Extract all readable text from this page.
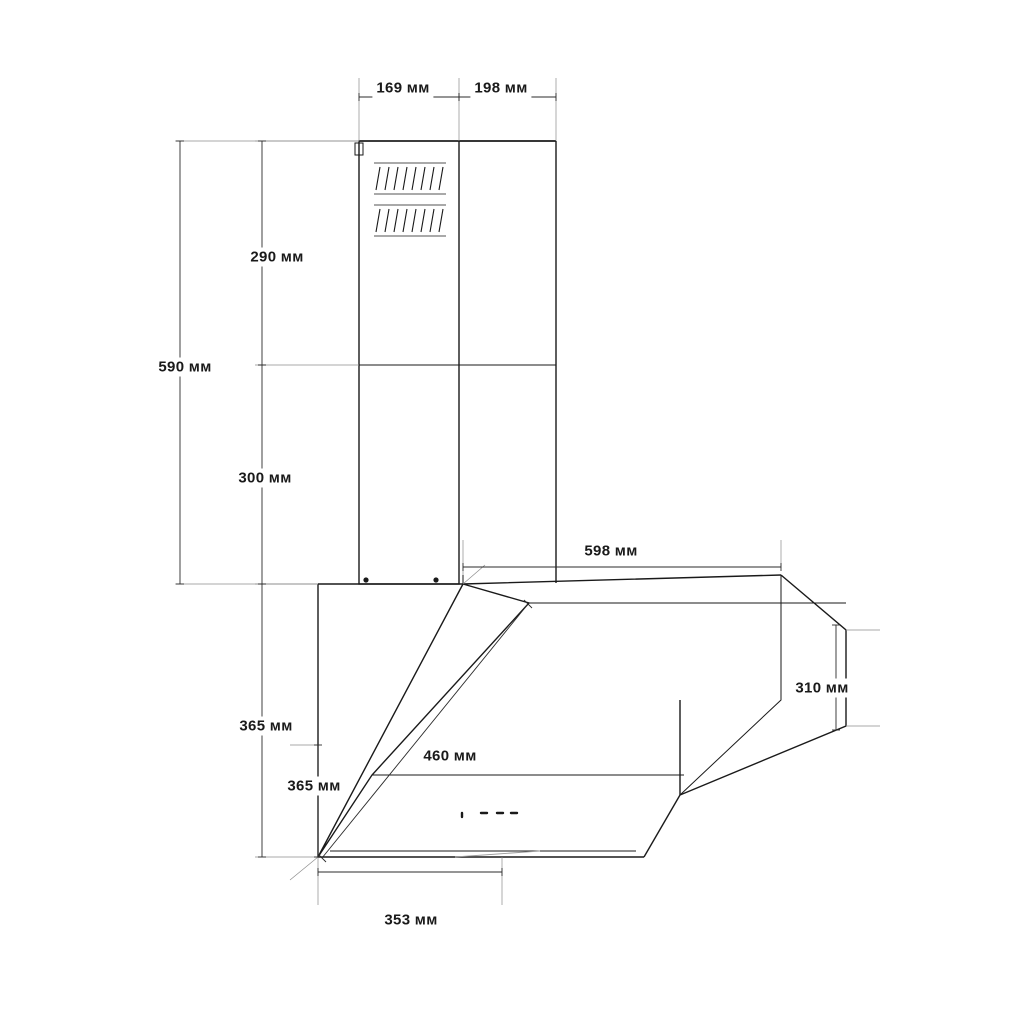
169 мм	198 мм
290 мм
590 мм
300 мм
598 мм
310 мм
365 мм
365 мм
460 мм
353 мм
